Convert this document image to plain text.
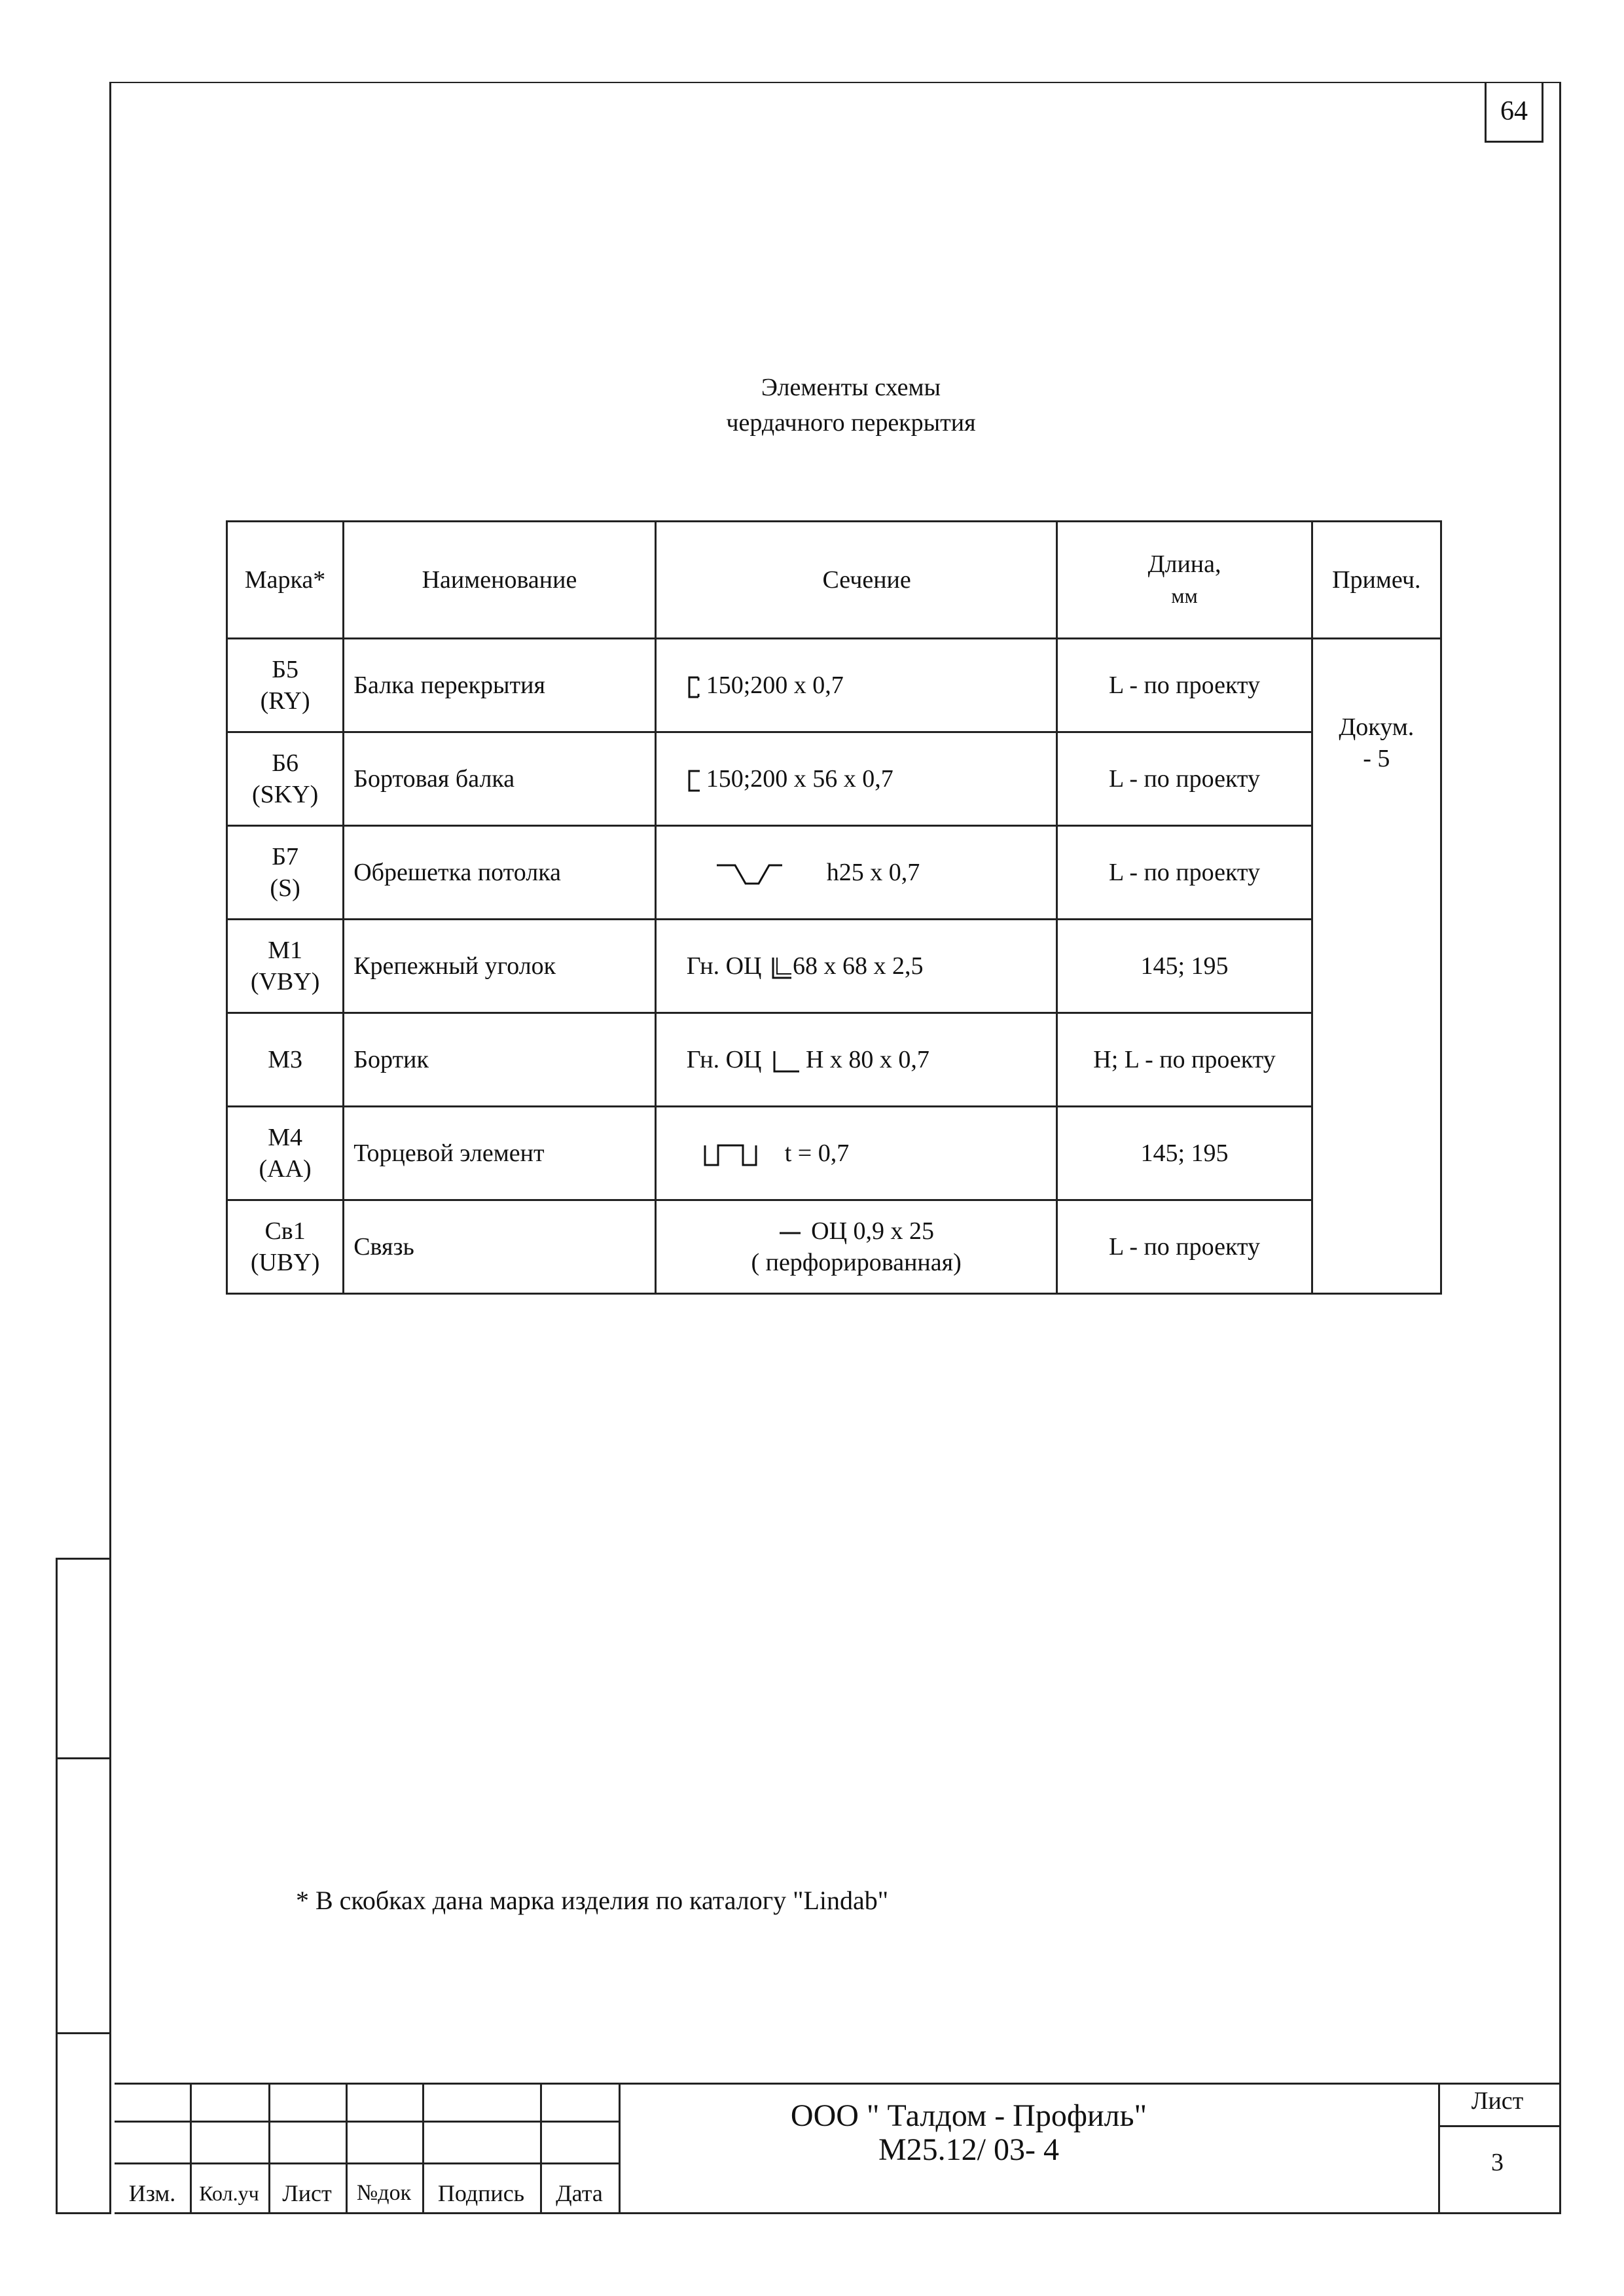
64
Элементы схемы
чердачного перекрытия
Марка*	Наименование	Сечение	Длина,
мм	Примеч.

Б5
(RY)	Балка перекрытия	150;200 х 0,7	L - по проекту	Докум.
- 5

Б6
(SKY)	Бортовая балка	150;200 х 56 х 0,7	L - по проекту	

Б7
(S)	Обрешетка потолка	h25 х 0,7	L - по проекту	

М1
(VBY)	Крепежный уголок	Гн. ОЦ 68 х 68 х 2,5	145; 195	

М3	Бортик	Гн. ОЦ Н х 80 х 0,7	H; L - по проекту	

М4
(АА)	Торцевой элемент	t = 0,7	145; 195	

Св1
(UBY)	Связь	ОЦ 0,9 х 25
( перфорированная)	L - по проекту	
* В скобках дана марка изделия по каталогу "Lindab"
Изм.	Кол.уч Лист	№док	Подпись	Дата
ООО " Талдом - Профиль"
М25.12/ 03- 4
Лист
3
